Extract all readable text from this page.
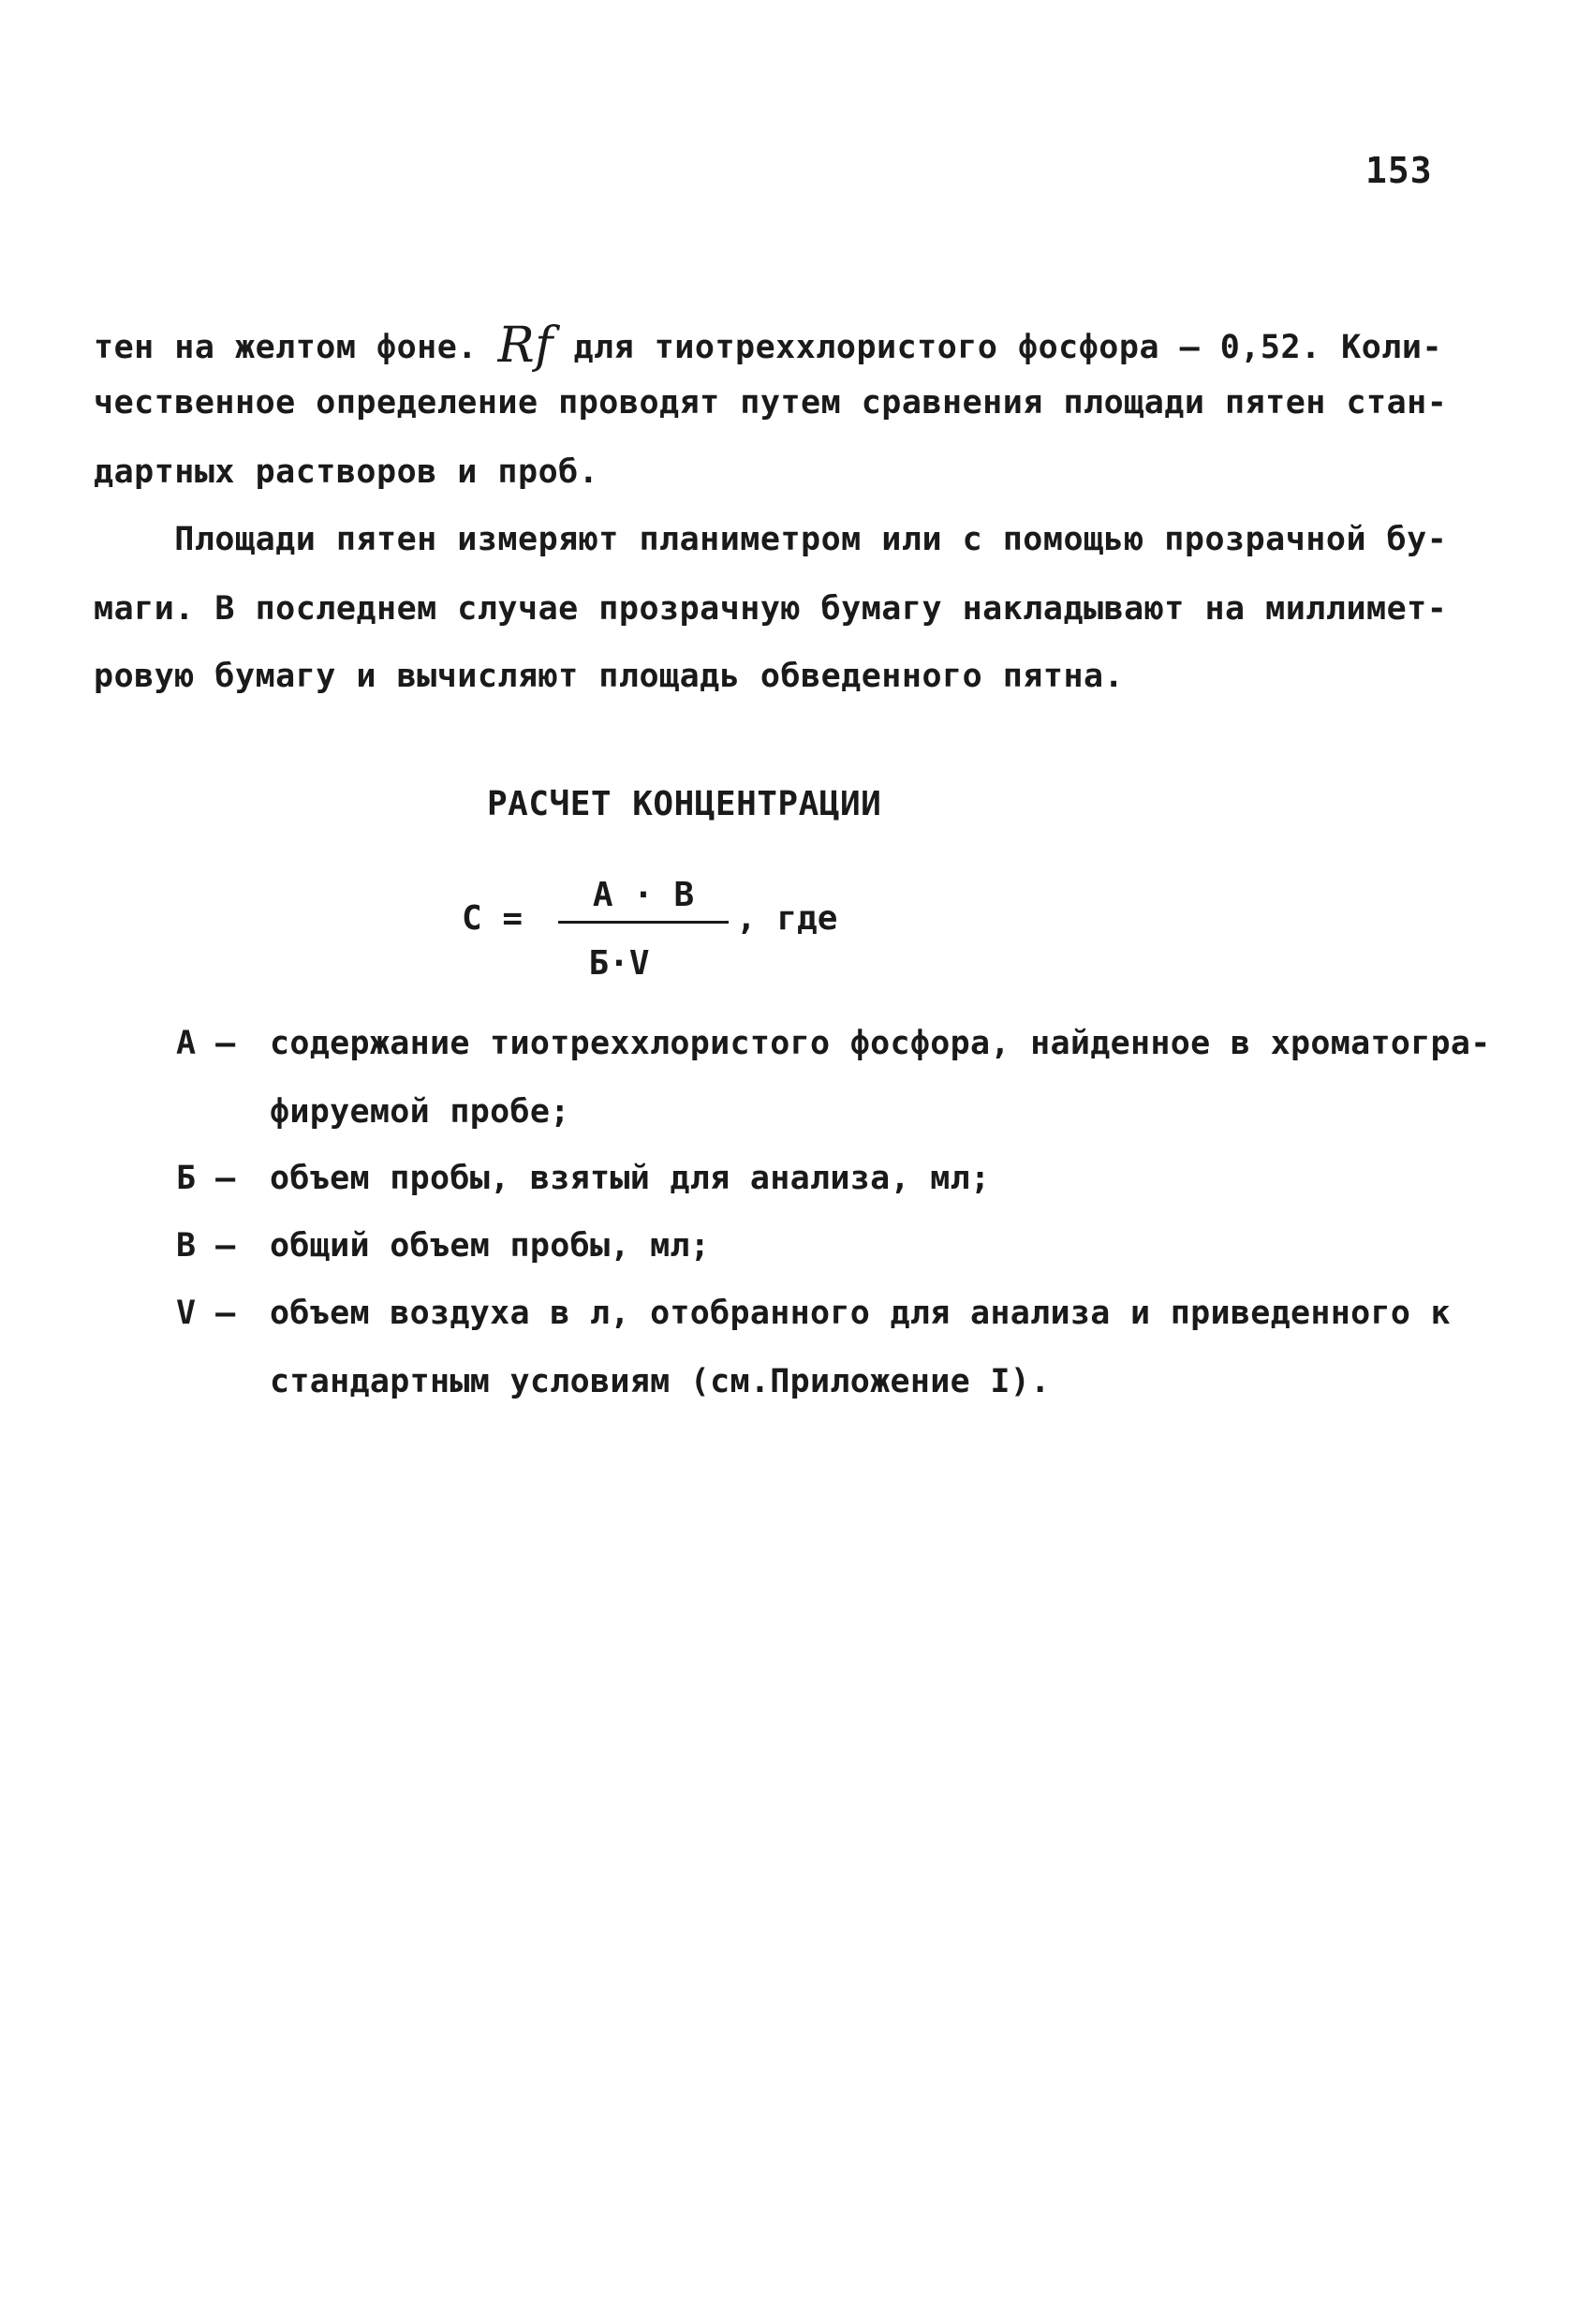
153
тен на желтом фоне. Rf для тиотреххлористого фосфора – 0,52. Коли-
чественное определение проводят путем сравнения площади пятен стан-
дартных растворов и проб.
Площади пятен измеряют планиметром или с помощью прозрачной бу-
маги. В последнем случае прозрачную бумагу накладывают на миллимет-
ровую бумагу и вычисляют площадь обведенного пятна.
РАСЧЕТ КОНЦЕНТРАЦИИ
С =
А · В
Б·V
, где
А –	содержание тиотреххлористого фосфора, найденное в хроматогра-
фируемой пробе;
Б –	объем пробы, взятый для анализа, мл;
В –	общий объем пробы, мл;
V –	объем воздуха в л, отобранного для анализа и приведенного к
стандартным условиям (см.Приложение I).
